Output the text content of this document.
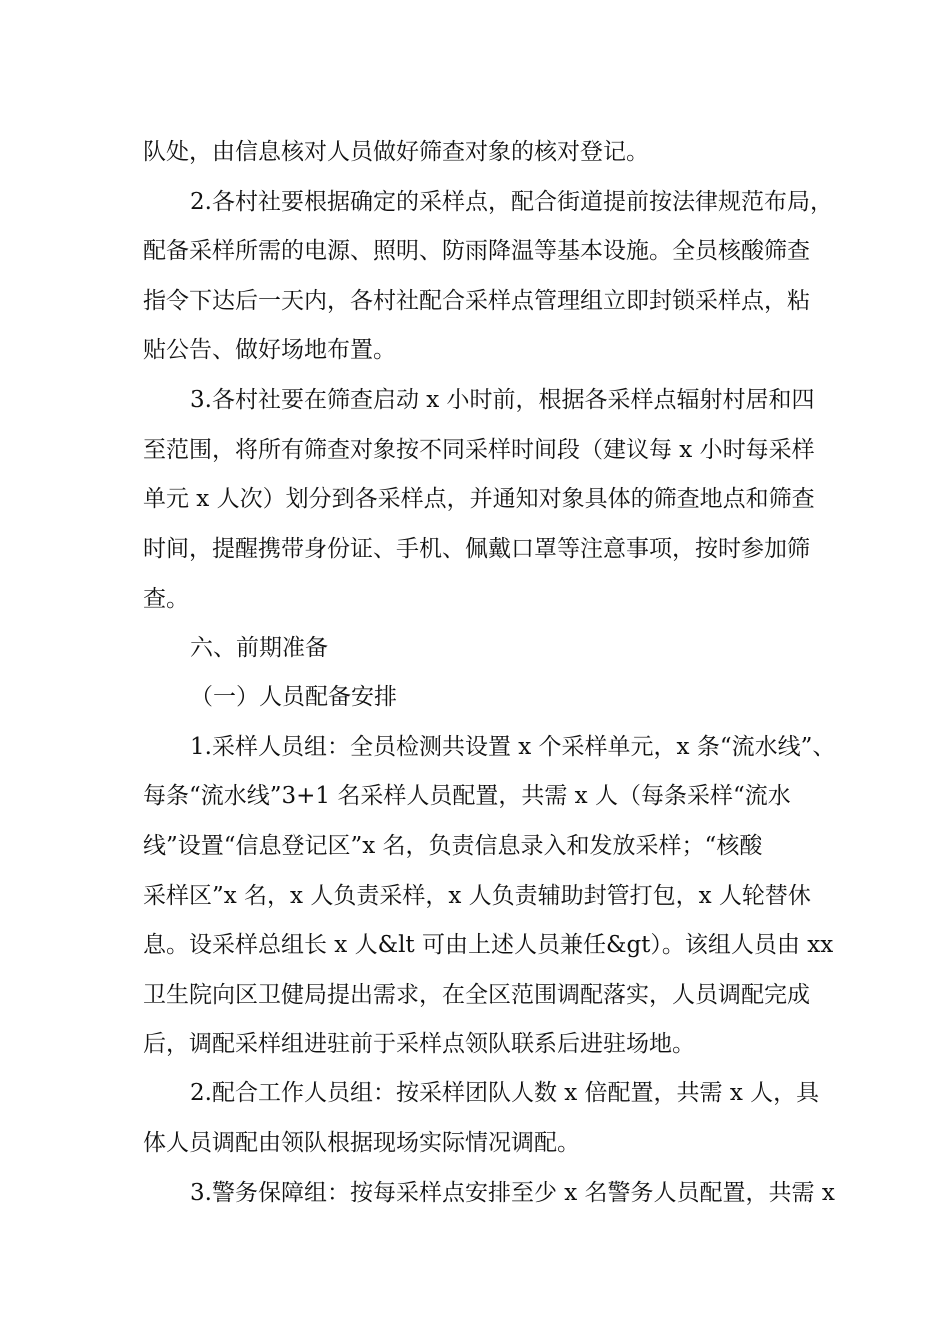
队处，由信息核对人员做好筛查对象的核对登记。
2.各村社要根据确定的采样点，配合街道提前按法律规范布局，
配备采样所需的电源、照明、防雨降温等基本设施。全员核酸筛查
指令下达后一天内，各村社配合采样点管理组立即封锁采样点，粘
贴公告、做好场地布置。
3.各村社要在筛查启动 x 小时前，根据各采样点辐射村居和四
至范围，将所有筛查对象按不同采样时间段（建议每 x 小时每采样
单元 x 人次）划分到各采样点，并通知对象具体的筛查地点和筛查
时间，提醒携带身份证、手机、佩戴口罩等注意事项，按时参加筛
查。
六、前期准备
（一）人员配备安排
1.采样人员组：全员检测共设置 x 个采样单元，x 条“流水线”、
每条“流水线”3+1 名采样人员配置，共需 x 人（每条采样“流水
线”设置“信息登记区”x 名，负责信息录入和发放采样；“核酸
采样区”x 名，x 人负责采样，x 人负责辅助封管打包，x 人轮替休
息。设采样总组长 x 人&lt 可由上述人员兼任&gt）。该组人员由 xx
卫生院向区卫健局提出需求，在全区范围调配落实，人员调配完成
后，调配采样组进驻前于采样点领队联系后进驻场地。
2.配合工作人员组：按采样团队人数 x 倍配置，共需 x 人，具
体人员调配由领队根据现场实际情况调配。
3.警务保障组：按每采样点安排至少 x 名警务人员配置，共需 x
